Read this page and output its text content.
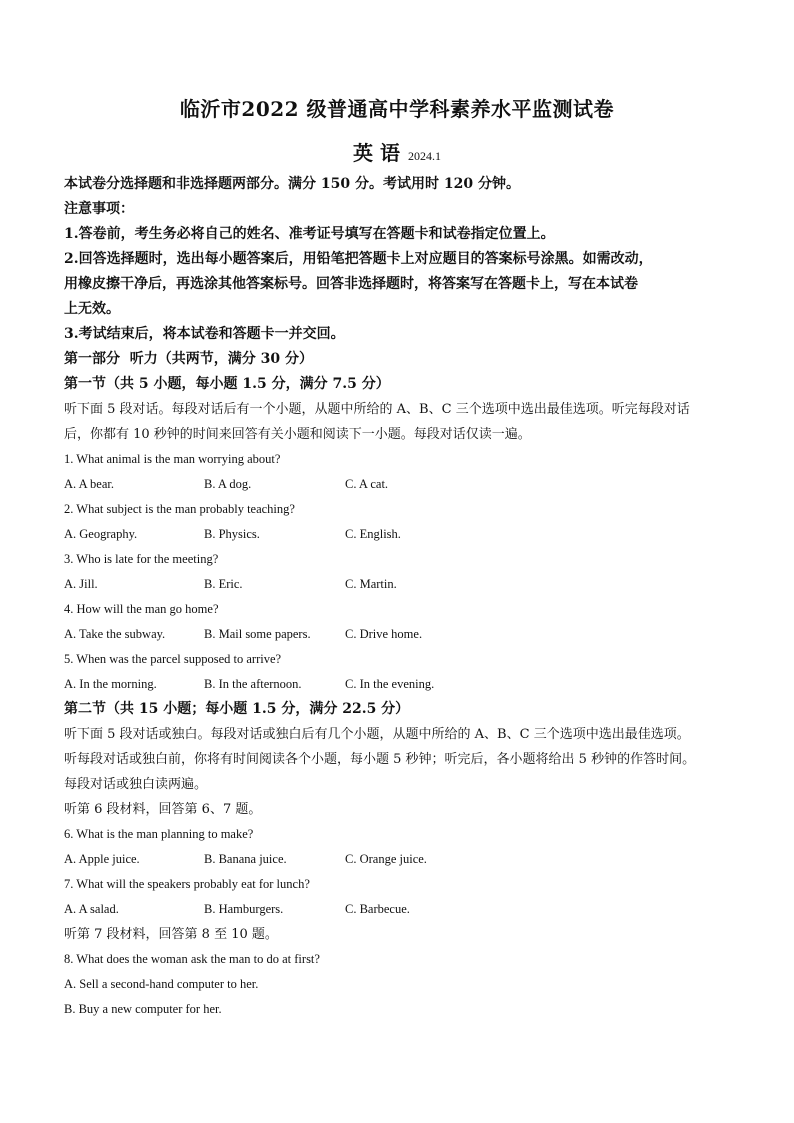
临沂市2022 级普通高中学科素养水平监测试卷
英 语 2024.1

本试卷分选择题和非选择题两部分。满分 150 分。考试用时 120 分钟。

注意事项：

1.答卷前，考生务必将自己的姓名、准考证号填写在答题卡和试卷指定位置上。

2.回答选择题时，选出每小题答案后，用铅笔把答题卡上对应题目的答案标号涂黑。如需改动，

用橡皮擦干净后，再选涂其他答案标号。回答非选择题时，将答案写在答题卡上，写在本试卷

上无效。

3.考试结束后，将本试卷和答题卡一并交回。

第一部分  听力（共两节，满分 30 分）

第一节（共 5 小题，每小题 1.5 分，满分 7.5 分）

听下面 5 段对话。每段对话后有一个小题，从题中所给的 A、B、C 三个选项中选出最佳选项。听完每段对话

后，你都有 10 秒钟的时间来回答有关小题和阅读下一小题。每段对话仅读一遍。

1. What animal is the man worrying about?

A. A bear.	B. A dog.	C. A cat.

2. What subject is the man probably teaching?

A. Geography.	B. Physics.	C. English.

3. Who is late for the meeting?

A. Jill.	B. Eric.	C. Martin.

4. How will the man go home?

A. Take the subway.	B. Mail some papers.	C. Drive home.

5. When was the parcel supposed to arrive?

A. In the morning.	B. In the afternoon.	C. In the evening.

第二节（共 15 小题；每小题 1.5 分，满分 22.5 分）

听下面 5 段对话或独白。每段对话或独白后有几个小题，从题中所给的 A、B、C 三个选项中选出最佳选项。

听每段对话或独白前，你将有时间阅读各个小题，每小题 5 秒钟；听完后，各小题将给出 5 秒钟的作答时间。

每段对话或独白读两遍。

听第 6 段材料，回答第 6、7 题。

6. What is the man planning to make?

A. Apple juice.	B. Banana juice.	C. Orange juice.

7. What will the speakers probably eat for lunch?

A. A salad.	B. Hamburgers.	C. Barbecue.

听第 7 段材料，回答第 8 至 10 题。

8. What does the woman ask the man to do at first?

A. Sell a second-hand computer to her.

B. Buy a new computer for her.
